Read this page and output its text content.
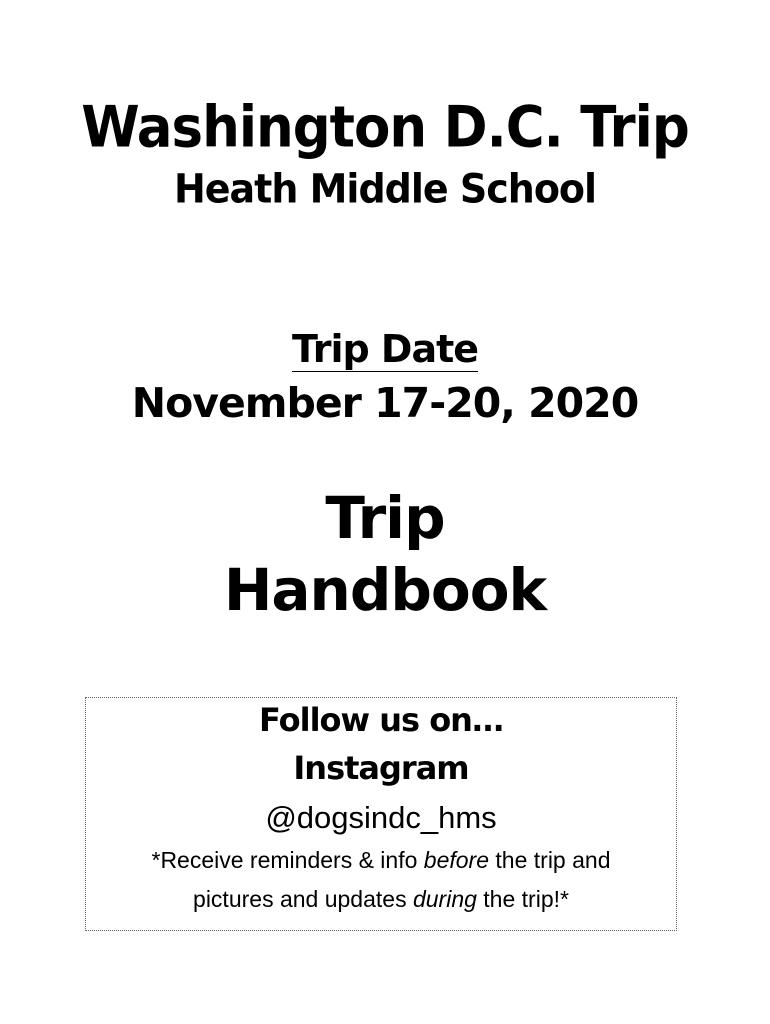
Washington D.C. Trip
Heath Middle School
Trip Date
November 17-20, 2020
Trip
Handbook
Follow us on…
Instagram
@dogsindc_hms
*Receive reminders & info before the trip and
pictures and updates during the trip!*
